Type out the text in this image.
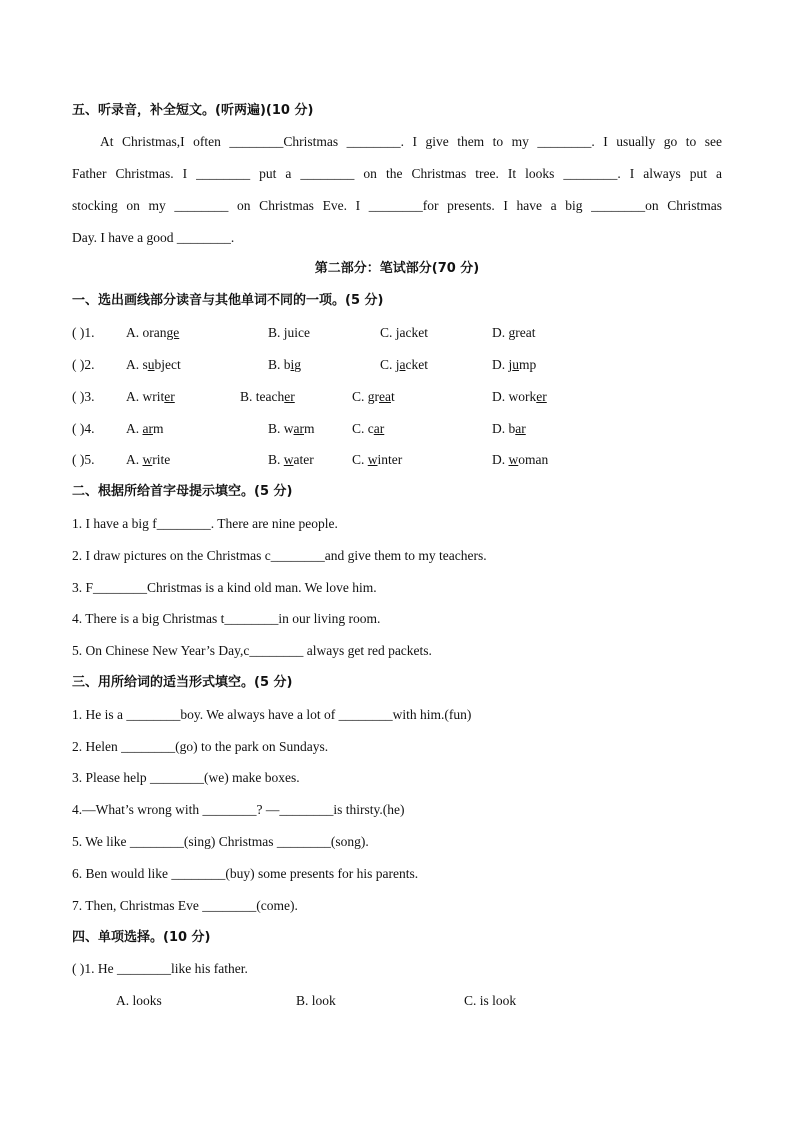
五、听录音，补全短文。(听两遍)(10 分)
At Christmas,I often ________Christmas ________. I give them to my ________. I usually go to see
Father Christmas. I ________ put a ________ on the Christmas tree. It looks ________. I always put a
stocking on my ________ on Christmas Eve. I ________for presents. I have a big ________on Christmas
Day. I have a good ________.
第二部分：笔试部分(70 分)
一、选出画线部分读音与其他单词不同的一项。(5 分)
( )1. A. orange	B. juice	C. jacket	D. great
( )2. A. subject	B. big	C. jacket	D. jump
( )3. A. writer	B. teacher	C. great	D. worker
( )4. A. arm	B. warm	C. car	D. bar
( )5. A. write	B. water	C. winter	D. woman
二、根据所给首字母提示填空。(5 分)
1. I have a big f________. There are nine people.
2. I draw pictures on the Christmas c________and give them to my teachers.
3. F________Christmas is a kind old man. We love him.
4. There is a big Christmas t________in our living room.
5. On Chinese New Year’s Day,c________ always get red packets.
三、用所给词的适当形式填空。(5 分)
1. He is a ________boy. We always have a lot of ________with him.(fun)
2. Helen ________(go) to the park on Sundays.
3. Please help ________(we) make boxes.
4.—What’s wrong with ________? —________is thirsty.(he)
5. We like ________(sing) Christmas ________(song).
6. Ben would like ________(buy) some presents for his parents.
7. Then, Christmas Eve ________(come).
四、单项选择。(10 分)
( )1. He ________like his father.
A. looks	B. look	C. is look
